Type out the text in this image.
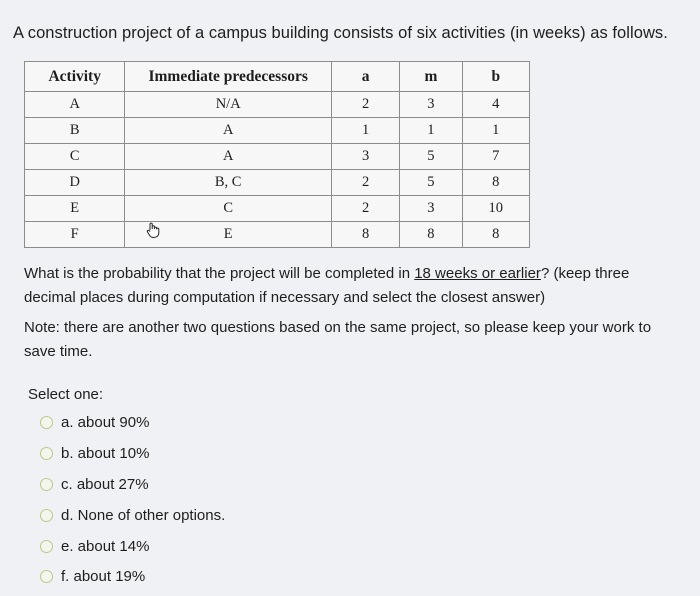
A construction project of a campus building consists of six activities (in weeks) as follows.
Activity	Immediate predecessors	a	m	b
A	N/A	2	3	4
B	A	1	1	1
C	A	3	5	7
D	B, C	2	5	8
E	C	2	3	10
F	E	8	8	8
What is the probability that the project will be completed in 18 weeks or earlier? (keep three decimal places during computation if necessary and select the closest answer)
Note: there are another two questions based on the same project, so please keep your work to save time.
Select one:
a. about 90%
b. about 10%
c. about 27%
d. None of other options.
e. about 14%
f. about 19%
